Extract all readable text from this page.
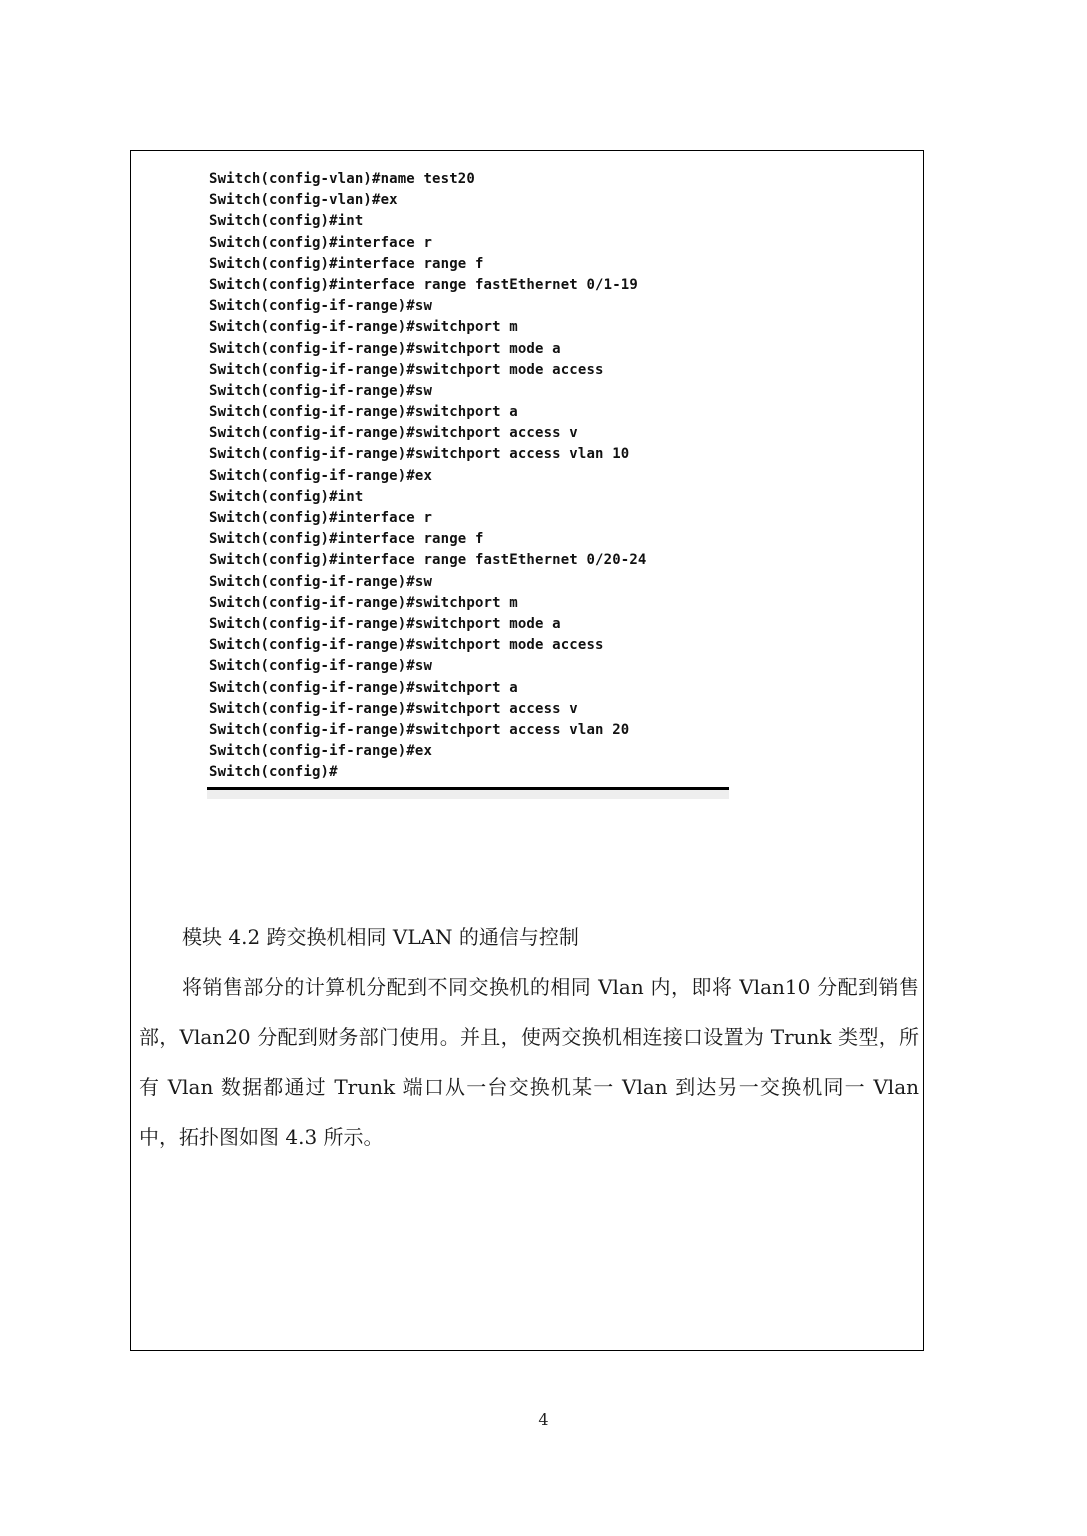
Switch(config-vlan)#name test20
Switch(config-vlan)#ex
Switch(config)#int
Switch(config)#interface r
Switch(config)#interface range f
Switch(config)#interface range fastEthernet 0/1-19
Switch(config-if-range)#sw
Switch(config-if-range)#switchport m
Switch(config-if-range)#switchport mode a
Switch(config-if-range)#switchport mode access
Switch(config-if-range)#sw
Switch(config-if-range)#switchport a
Switch(config-if-range)#switchport access v
Switch(config-if-range)#switchport access vlan 10
Switch(config-if-range)#ex
Switch(config)#int
Switch(config)#interface r
Switch(config)#interface range f
Switch(config)#interface range fastEthernet 0/20-24
Switch(config-if-range)#sw
Switch(config-if-range)#switchport m
Switch(config-if-range)#switchport mode a
Switch(config-if-range)#switchport mode access
Switch(config-if-range)#sw
Switch(config-if-range)#switchport a
Switch(config-if-range)#switchport access v
Switch(config-if-range)#switchport access vlan 20
Switch(config-if-range)#ex
Switch(config)#

模块 4.2 跨交换机相同 VLAN 的通信与控制

将销售部分的计算机分配到不同交换机的相同 Vlan 内，即将 Vlan10 分配到销售部，Vlan20 分配到财务部门使用。并且，使两交换机相连接口设置为 Trunk 类型，所有 Vlan 数据都通过 Trunk 端口从一台交换机某一 Vlan 到达另一交换机同一 Vlan 中，拓扑图如图 4.3 所示。

4
